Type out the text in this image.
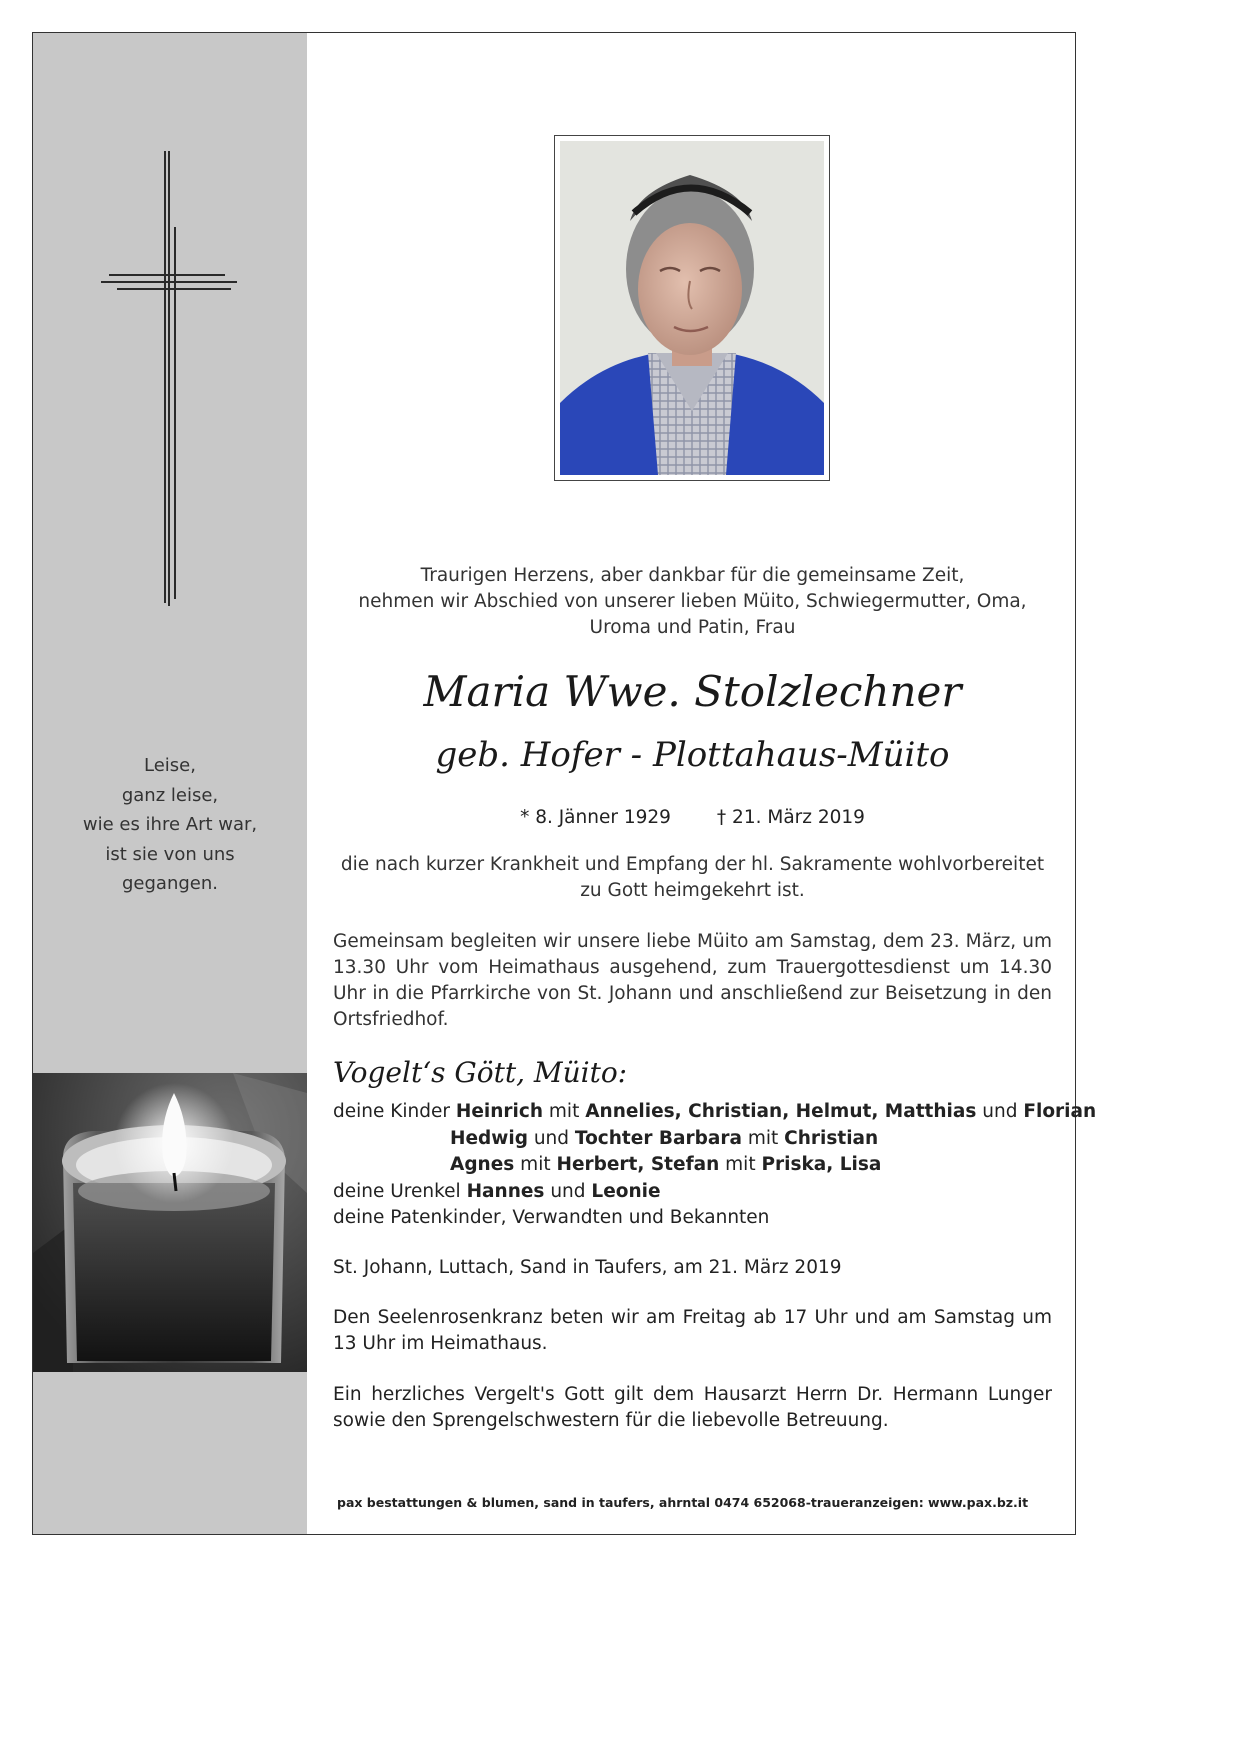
Leise,
ganz leise,
wie es ihre Art war,
ist sie von uns
gegangen.
Traurigen Herzens, aber dankbar für die gemeinsame Zeit,
nehmen wir Abschied von unserer lieben Müito, Schwiegermutter, Oma,
Uroma und Patin, Frau
Maria Wwe. Stolzlechner
geb. Hofer - Plottahaus-Müito
* 8. Jänner 1929 † 21. März 2019
die nach kurzer Krankheit und Empfang der hl. Sakramente wohlvorbereitet
zu Gott heimgekehrt ist.
Gemeinsam begleiten wir unsere liebe Müito am Samstag, dem 23. März, um 13.30 Uhr vom Heimathaus ausgehend, zum Trauergottesdienst um 14.30 Uhr in die Pfarrkirche von St. Johann und anschließend zur Beisetzung in den Ortsfriedhof.
Vogelt‘s Gött, Müito:
deine Kinder Heinrich mit Annelies, Christian, Helmut, Matthias und Florian
Hedwig und Tochter Barbara mit Christian
Agnes mit Herbert, Stefan mit Priska, Lisa
deine Urenkel Hannes und Leonie
deine Patenkinder, Verwandten und Bekannten
St. Johann, Luttach, Sand in Taufers, am 21. März 2019
Den Seelenrosenkranz beten wir am Freitag ab 17 Uhr und am Samstag um 13 Uhr im Heimathaus.
Ein herzliches Vergelt's Gott gilt dem Hausarzt Herrn Dr. Hermann Lunger sowie den Sprengelschwestern für die liebevolle Betreuung.
pax bestattungen & blumen, sand in taufers, ahrntal 0474 652068-traueranzeigen: www.pax.bz.it
